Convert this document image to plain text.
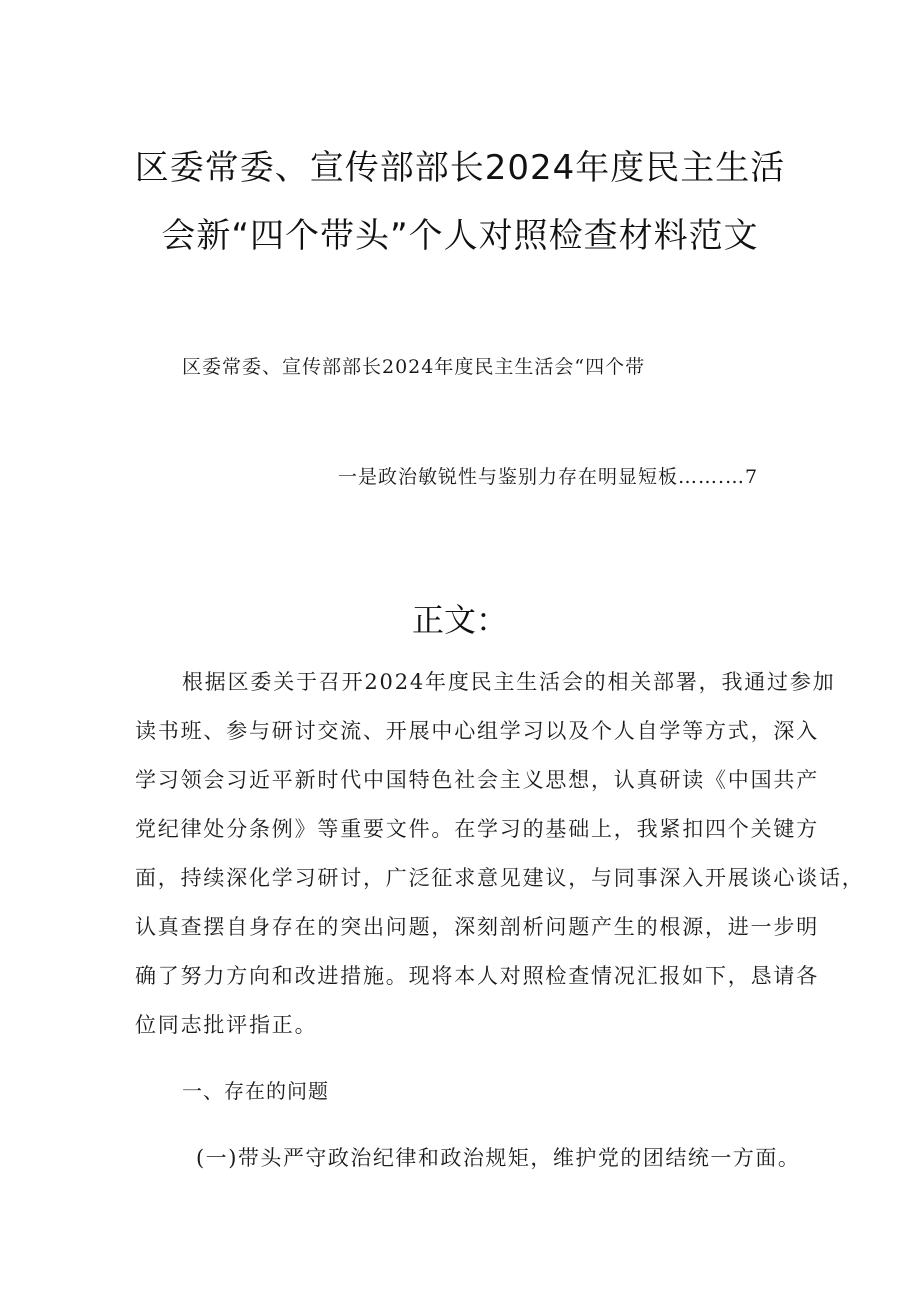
区委常委、宣传部部长2024年度民主生活
会新“四个带头”个人对照检查材料范文
区委常委、宣传部部长2024年度民主生活会“四个带
一是政治敏锐性与鉴别力存在明显短板…….…7
正文：
根据区委关于召开2024年度民主生活会的相关部署，我通过参加
读书班、参与研讨交流、开展中心组学习以及个人自学等方式，深入
学习领会习近平新时代中国特色社会主义思想，认真研读《中国共产
党纪律处分条例》等重要文件。在学习的基础上，我紧扣四个关键方
面，持续深化学习研讨，广泛征求意见建议，与同事深入开展谈心谈话，
认真查摆自身存在的突出问题，深刻剖析问题产生的根源，进一步明
确了努力方向和改进措施。现将本人对照检查情况汇报如下，恳请各
位同志批评指正。
一、存在的问题
(一)带头严守政治纪律和政治规矩，维护党的团结统一方面。
